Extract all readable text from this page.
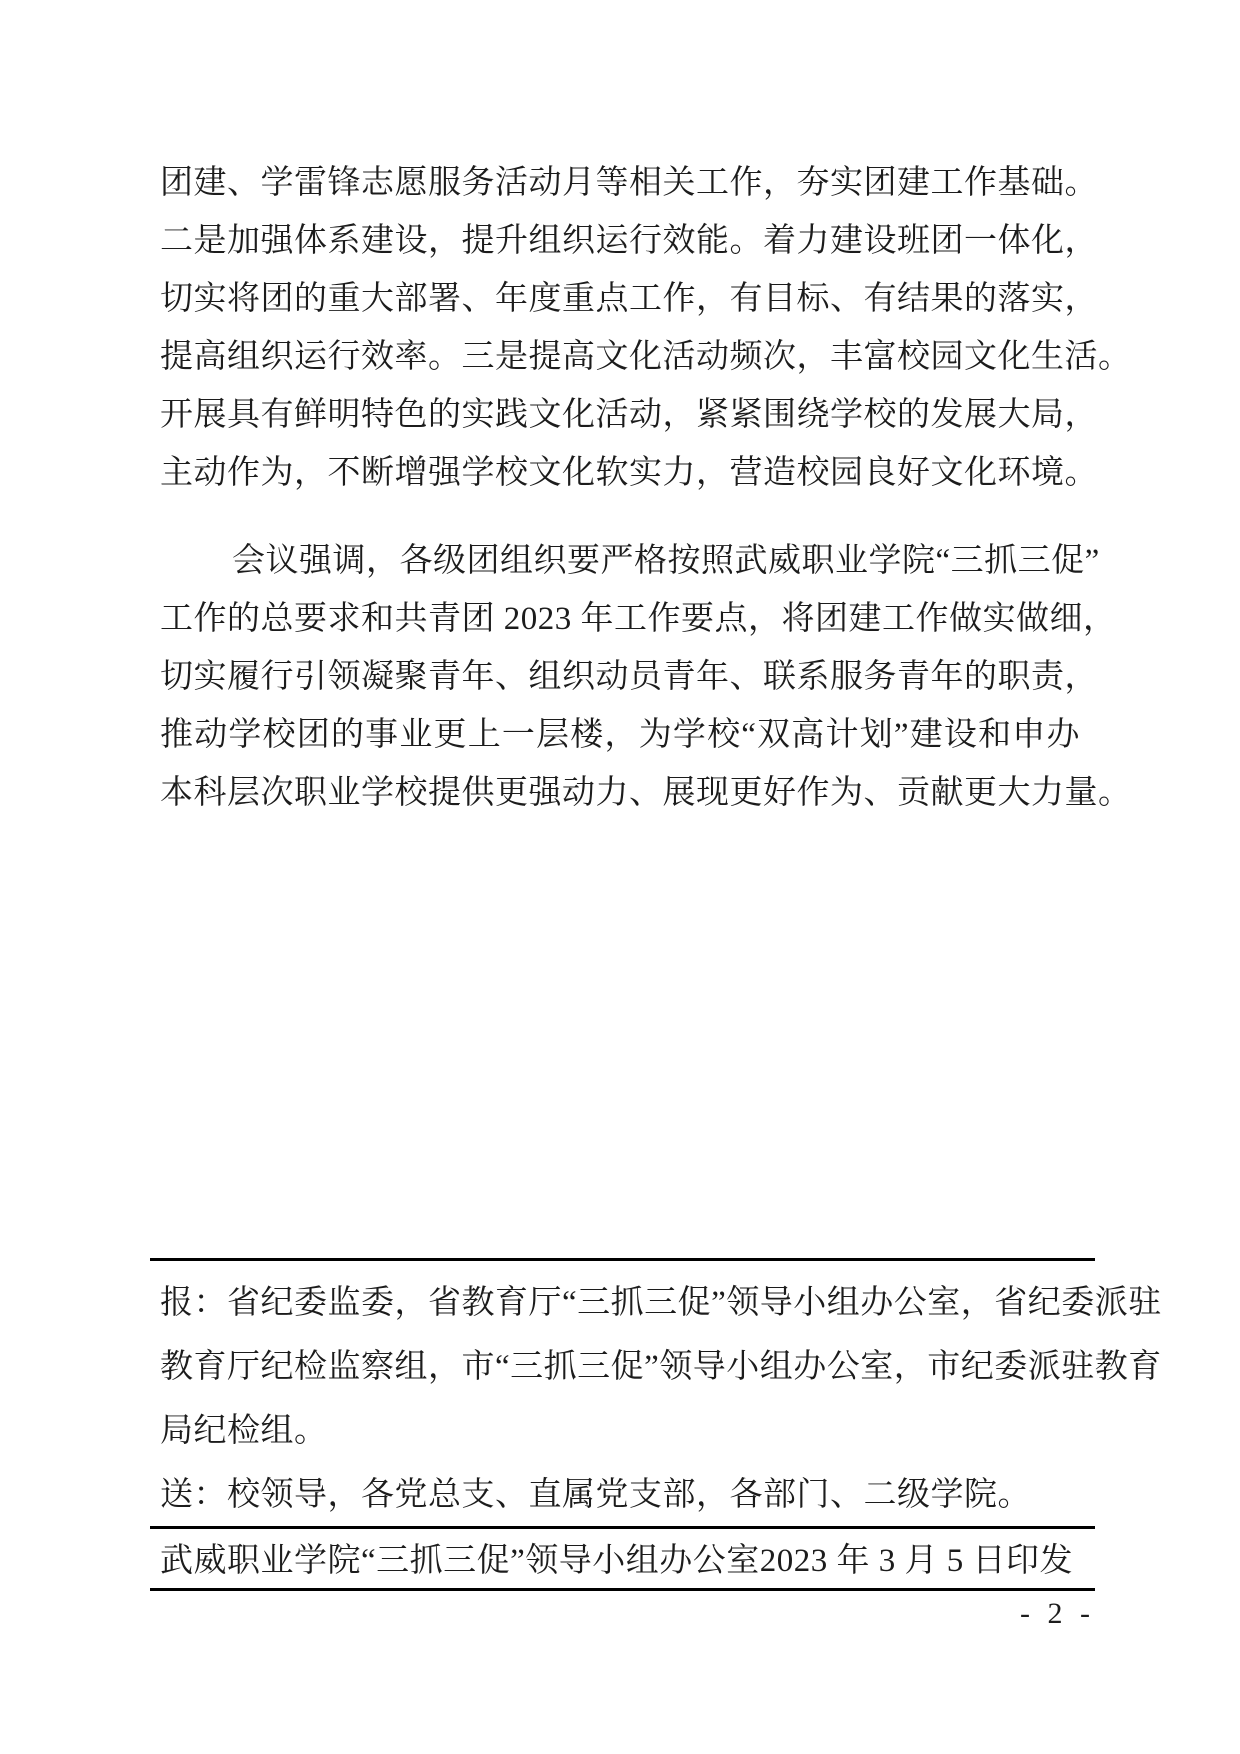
团建、学雷锋志愿服务活动月等相关工作，夯实团建工作基础。
二是加强体系建设，提升组织运行效能。着力建设班团一体化，
切实将团的重大部署、年度重点工作，有目标、有结果的落实，
提高组织运行效率。三是提高文化活动频次，丰富校园文化生活。
开展具有鲜明特色的实践文化活动，紧紧围绕学校的发展大局，
主动作为，不断增强学校文化软实力，营造校园良好文化环境。
会议强调，各级团组织要严格按照武威职业学院“三抓三促”
工作的总要求和共青团 2023 年工作要点，将团建工作做实做细，
切实履行引领凝聚青年、组织动员青年、联系服务青年的职责，
推动学校团的事业更上一层楼，为学校“双高计划”建设和申办
本科层次职业学校提供更强动力、展现更好作为、贡献更大力量。
报：省纪委监委，省教育厅“三抓三促”领导小组办公室，省纪委派驻
教育厅纪检监察组，市“三抓三促”领导小组办公室，市纪委派驻教育
局纪检组。
送：校领导，各党总支、直属党支部，各部门、二级学院。
武威职业学院“三抓三促”领导小组办公室 2023 年 3 月 5 日印发
- 2 -
